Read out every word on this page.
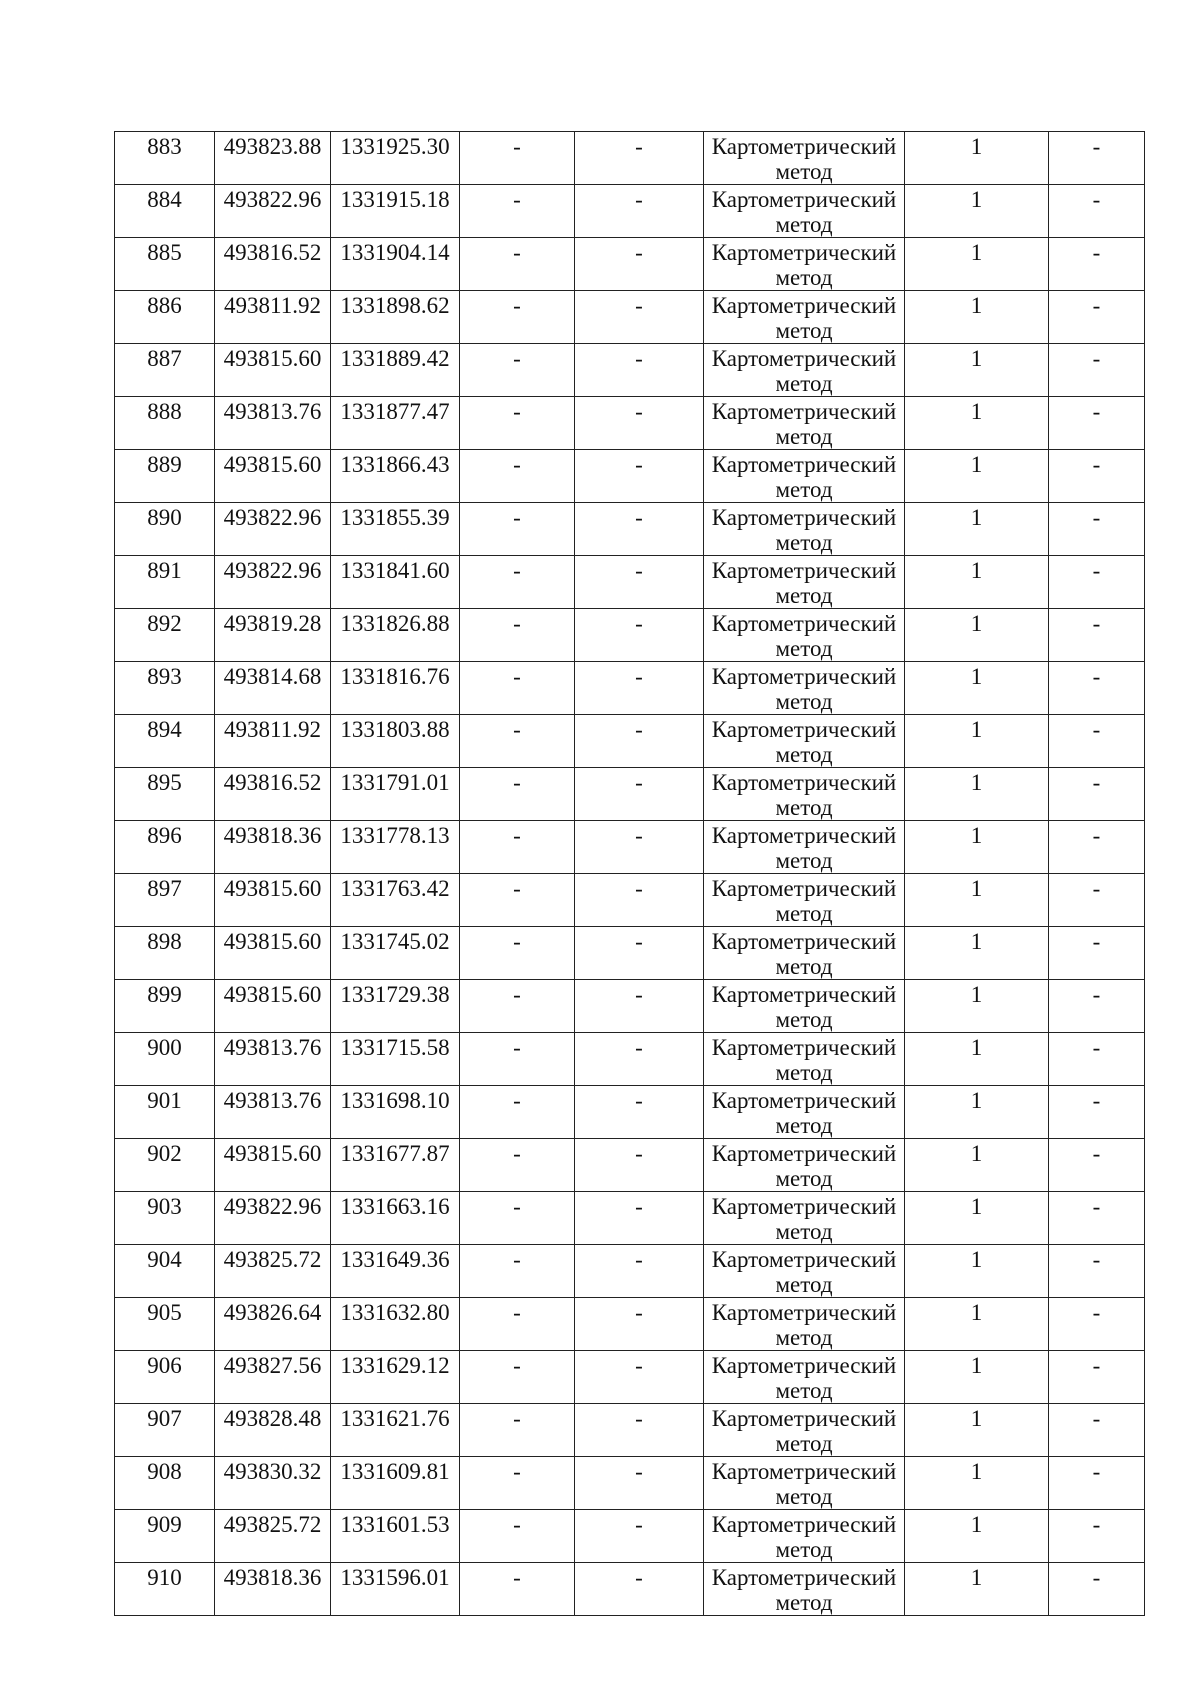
883	493823.88	1331925.30	-	-	Картометрический
метод	1	-

884	493822.96	1331915.18	-	-	Картометрический
метод	1	-

885	493816.52	1331904.14	-	-	Картометрический
метод	1	-

886	493811.92	1331898.62	-	-	Картометрический
метод	1	-

887	493815.60	1331889.42	-	-	Картометрический
метод	1	-

888	493813.76	1331877.47	-	-	Картометрический
метод	1	-

889	493815.60	1331866.43	-	-	Картометрический
метод	1	-

890	493822.96	1331855.39	-	-	Картометрический
метод	1	-

891	493822.96	1331841.60	-	-	Картометрический
метод	1	-

892	493819.28	1331826.88	-	-	Картометрический
метод	1	-

893	493814.68	1331816.76	-	-	Картометрический
метод	1	-

894	493811.92	1331803.88	-	-	Картометрический
метод	1	-

895	493816.52	1331791.01	-	-	Картометрический
метод	1	-

896	493818.36	1331778.13	-	-	Картометрический
метод	1	-

897	493815.60	1331763.42	-	-	Картометрический
метод	1	-

898	493815.60	1331745.02	-	-	Картометрический
метод	1	-

899	493815.60	1331729.38	-	-	Картометрический
метод	1	-

900	493813.76	1331715.58	-	-	Картометрический
метод	1	-

901	493813.76	1331698.10	-	-	Картометрический
метод	1	-

902	493815.60	1331677.87	-	-	Картометрический
метод	1	-

903	493822.96	1331663.16	-	-	Картометрический
метод	1	-

904	493825.72	1331649.36	-	-	Картометрический
метод	1	-

905	493826.64	1331632.80	-	-	Картометрический
метод	1	-

906	493827.56	1331629.12	-	-	Картометрический
метод	1	-

907	493828.48	1331621.76	-	-	Картометрический
метод	1	-

908	493830.32	1331609.81	-	-	Картометрический
метод	1	-

909	493825.72	1331601.53	-	-	Картометрический
метод	1	-

910	493818.36	1331596.01	-	-	Картометрический
метод	1	-
